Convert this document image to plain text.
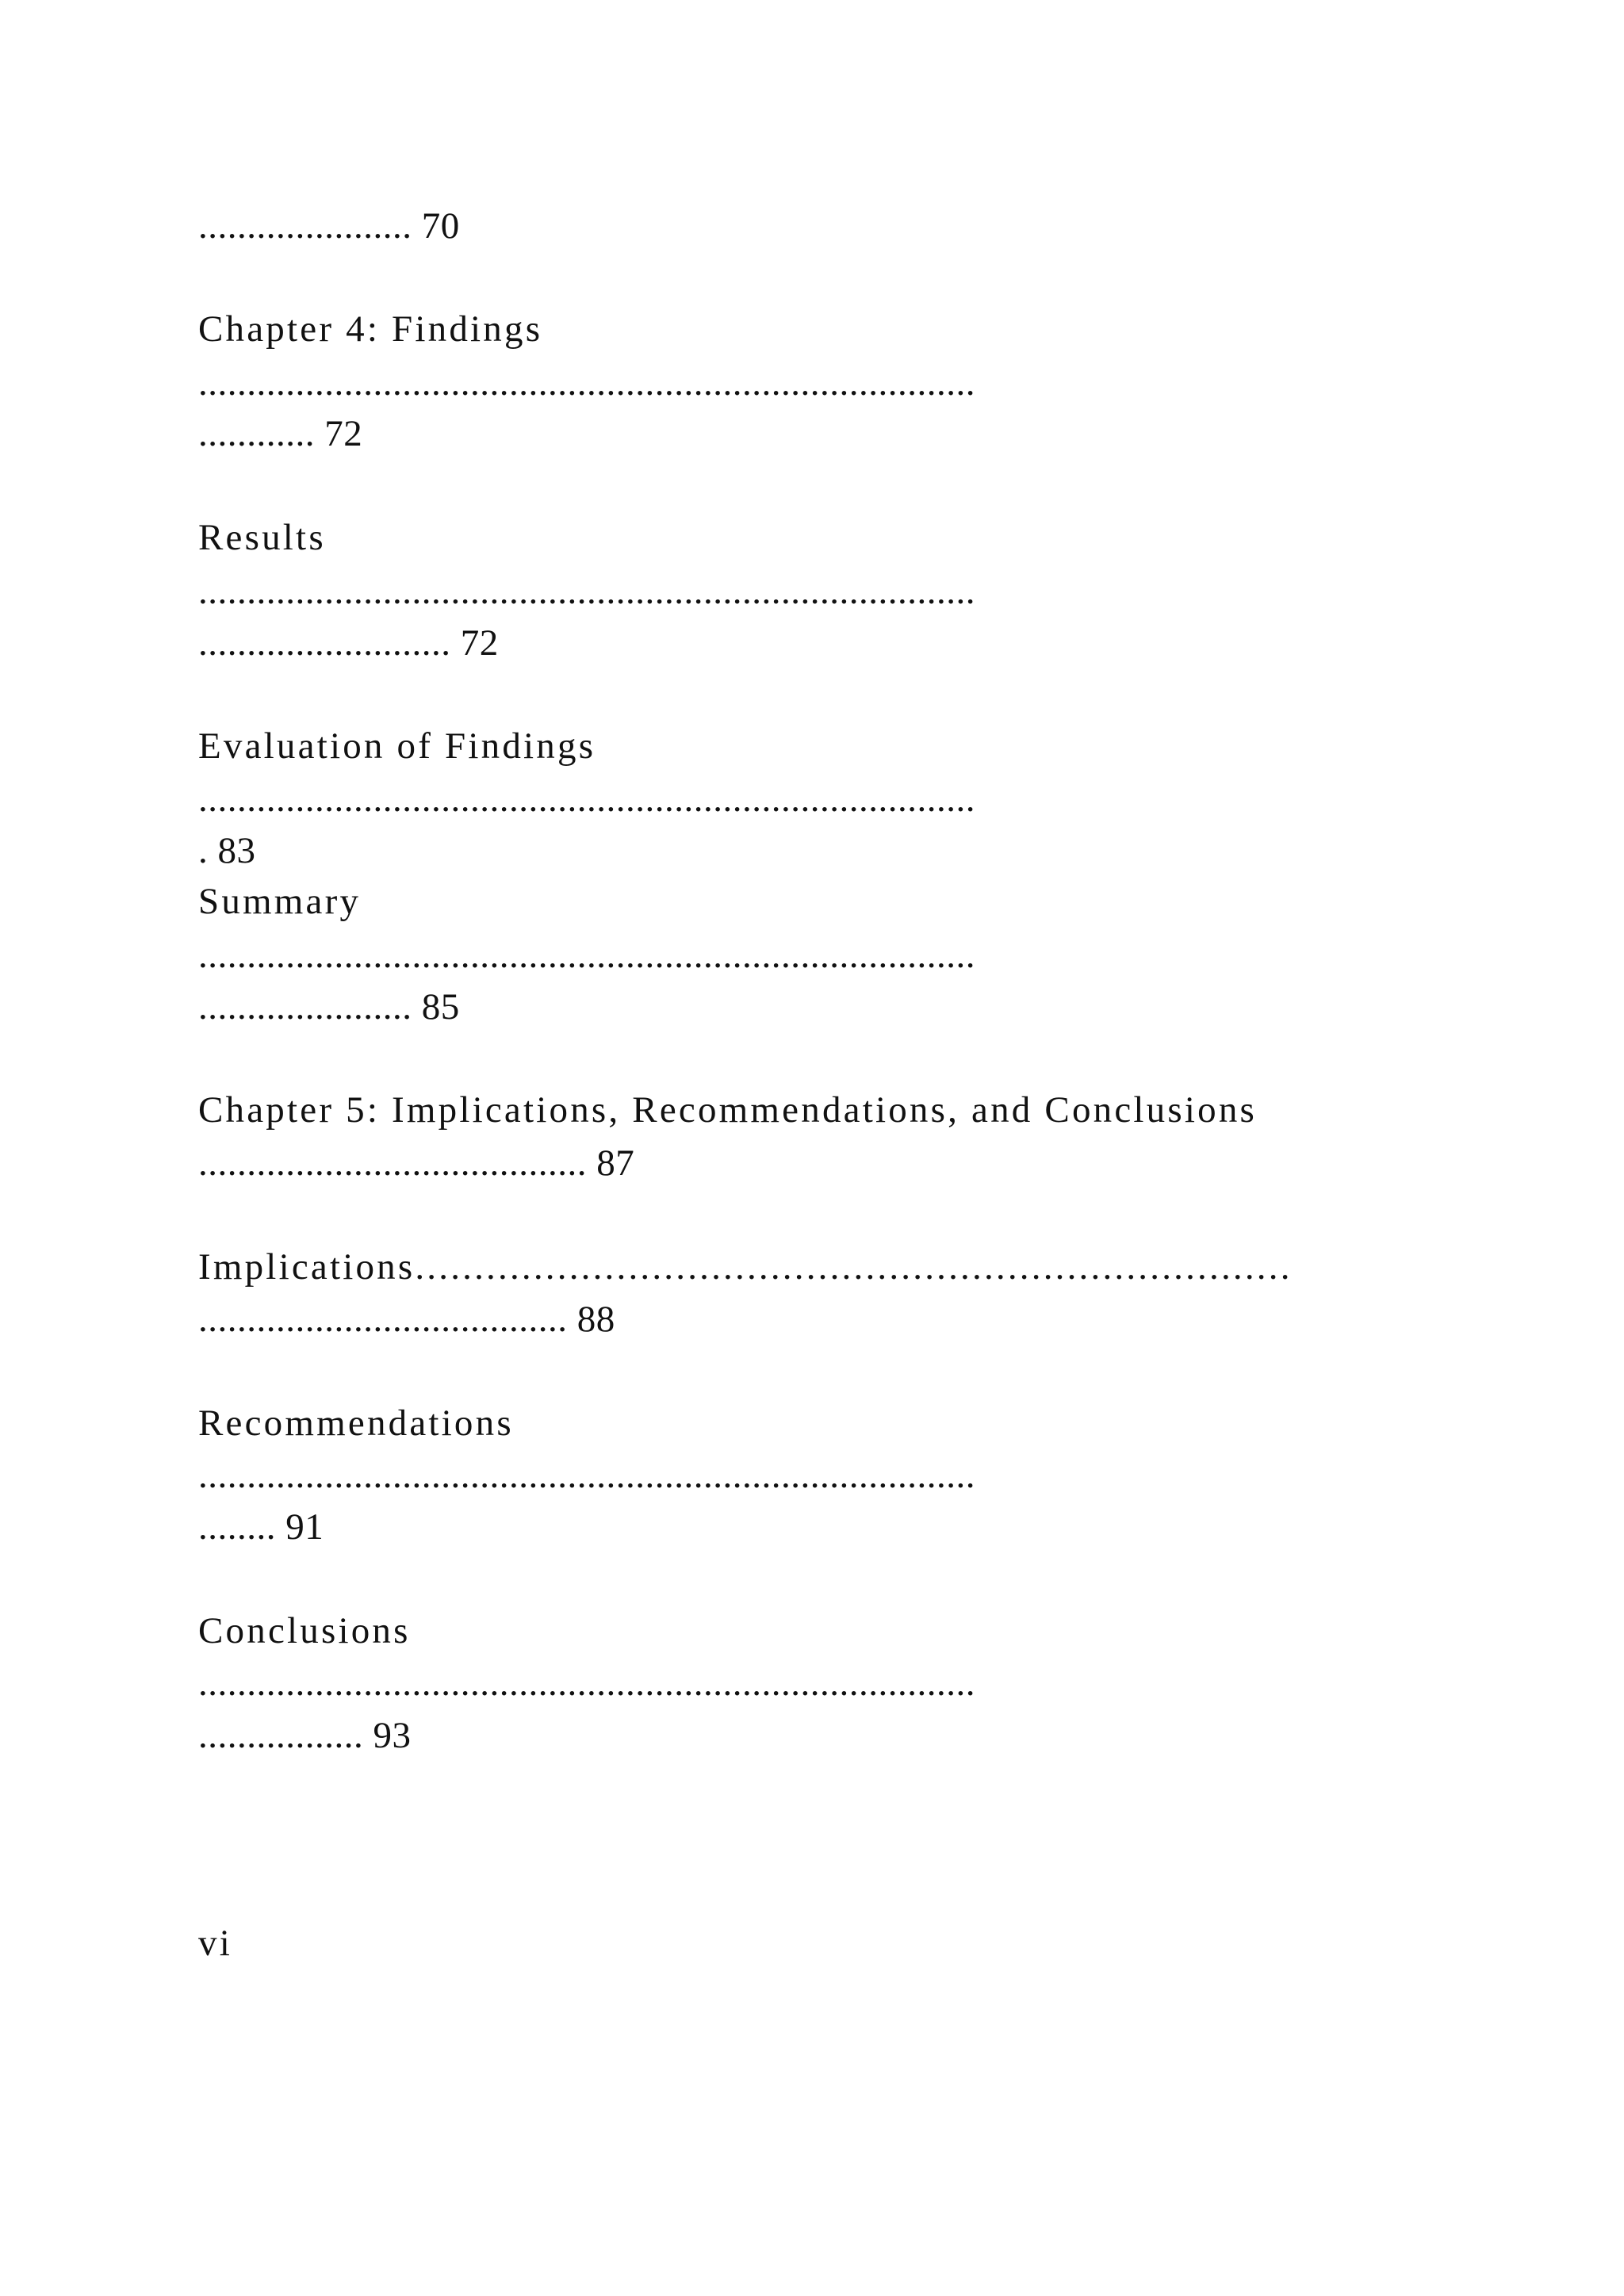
...................... 70
Chapter 4: Findings
................................................................................
............ 72
Results
................................................................................
.......................... 72
Evaluation of Findings
................................................................................
. 83
Summary
................................................................................
...................... 85
Chapter 5: Implications, Recommendations, and Conclusions
........................................ 87
Implications..........................................................................
...................................... 88
Recommendations
................................................................................
........ 91
Conclusions
................................................................................
................. 93
vi
